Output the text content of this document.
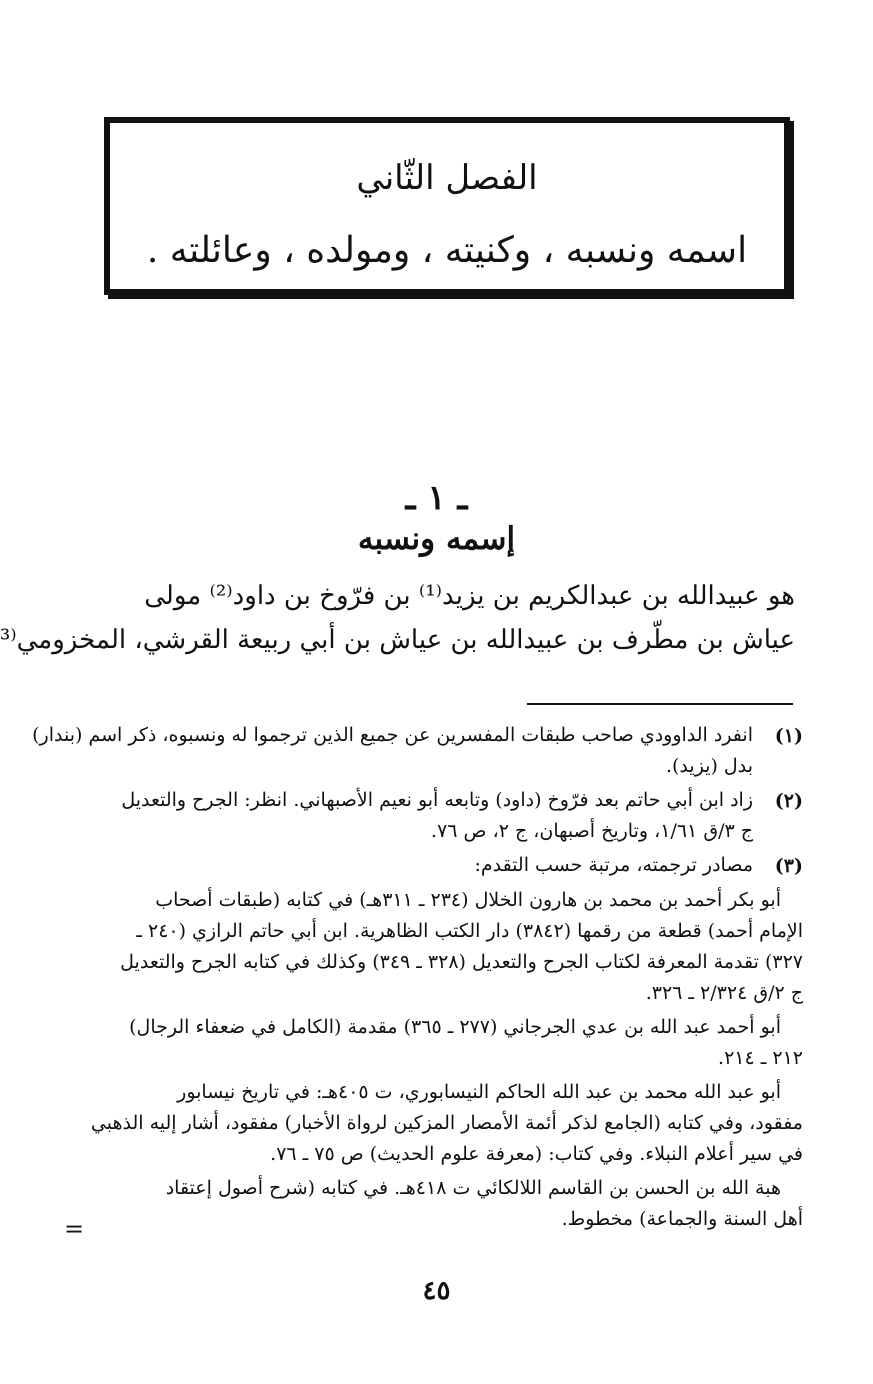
الفصل الثّاني
اسمه ونسبه ، وكنيته ، ومولده ، وعائلته .
ـ ١ ـ
إسمه ونسبه
هو عبيدالله بن عبدالكريم بن يزيد⁽¹⁾ بن فرّوخ بن داود⁽²⁾ مولى
عياش بن مطّرف بن عبيدالله بن عياش بن أبي ربيعة القرشي، المخزومي⁽³
(١)
انفرد الداوودي صاحب طبقات المفسرين عن جميع الذين ترجموا له ونسبوه، ذكر اسم (بندار)
بدل (يزيد).
(٢)
زاد ابن أبي حاتم بعد فرّوخ (داود) وتابعه أبو نعيم الأصبهاني. انظر: الجرح والتعديل
ج ٣/ق ١/٦١، وتاريخ أصبهان، ج ٢، ص ٧٦.
(٣)
مصادر ترجمته، مرتبة حسب التقدم:
أبو بكر أحمد بن محمد بن هارون الخلال (٢٣٤ ـ ٣١١هـ) في كتابه (طبقات أصحاب
الإمام أحمد) قطعة من رقمها (٣٨٤٢) دار الكتب الظاهرية. ابن أبي حاتم الرازي (٢٤٠ ـ
٣٢٧) تقدمة المعرفة لكتاب الجرح والتعديل (٣٢٨ ـ ٣٤٩) وكذلك في كتابه الجرح والتعديل
ج ٢/ق ٢/٣٢٤ ـ ٣٢٦.
أبو أحمد عبد الله بن عدي الجرجاني (٢٧٧ ـ ٣٦٥) مقدمة (الكامل في ضعفاء الرجال)
٢١٢ ـ ٢١٤.
أبو عبد الله محمد بن عبد الله الحاكم النيسابوري، ت ٤٠٥هـ: في تاريخ نيسابور
مفقود، وفي كتابه (الجامع لذكر أئمة الأمصار المزكين لرواة الأخبار) مفقود، أشار إليه الذهبي
في سير أعلام النبلاء. وفي كتاب: (معرفة علوم الحديث) ص ٧٥ ـ ٧٦.
هبة الله بن الحسن بن القاسم اللالكائي ت ٤١٨هـ. في كتابه (شرح أصول إعتقاد
أهل السنة والجماعة) مخطوط.
=
٤٥
